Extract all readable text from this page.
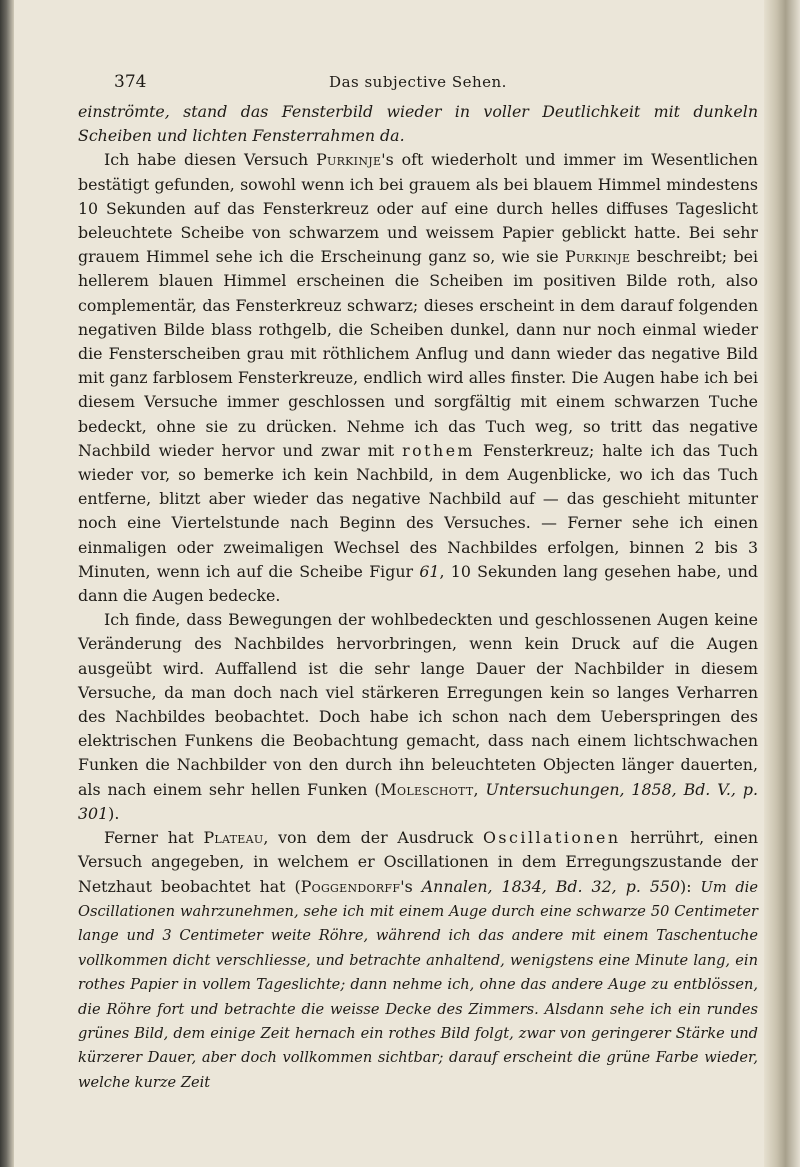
374	Das subjective Sehen.

einströmte, stand das Fensterbild wieder in voller Deutlichkeit mit dunkeln Scheiben und lichten Fensterrahmen da.

Ich habe diesen Versuch Purkinje's oft wiederholt und immer im Wesentlichen bestätigt gefunden, sowohl wenn ich bei grauem als bei blauem Himmel mindestens 10 Sekunden auf das Fensterkreuz oder auf eine durch helles diffuses Tageslicht beleuchtete Scheibe von schwarzem und weissem Papier geblickt hatte. Bei sehr grauem Himmel sehe ich die Erscheinung ganz so, wie sie Purkinje beschreibt; bei hellerem blauen Himmel erscheinen die Scheiben im positiven Bilde roth, also complementär, das Fensterkreuz schwarz; dieses erscheint in dem darauf folgenden negativen Bilde blass rothgelb, die Scheiben dunkel, dann nur noch einmal wieder die Fensterscheiben grau mit röthlichem Anflug und dann wieder das negative Bild mit ganz farblosem Fensterkreuze, endlich wird alles finster. Die Augen habe ich bei diesem Versuche immer geschlossen und sorgfältig mit einem schwarzen Tuche bedeckt, ohne sie zu drücken. Nehme ich das Tuch weg, so tritt das negative Nachbild wieder hervor und zwar mit rothem Fensterkreuz; halte ich das Tuch wieder vor, so bemerke ich kein Nachbild, in dem Augenblicke, wo ich das Tuch entferne, blitzt aber wieder das negative Nachbild auf — das geschieht mitunter noch eine Viertelstunde nach Beginn des Versuches. — Ferner sehe ich einen einmaligen oder zweimaligen Wechsel des Nachbildes erfolgen, binnen 2 bis 3 Minuten, wenn ich auf die Scheibe Figur 61, 10 Sekunden lang gesehen habe, und dann die Augen bedecke.

Ich finde, dass Bewegungen der wohlbedeckten und geschlossenen Augen keine Veränderung des Nachbildes hervorbringen, wenn kein Druck auf die Augen ausgeübt wird. Auffallend ist die sehr lange Dauer der Nachbilder in diesem Versuche, da man doch nach viel stärkeren Erregungen kein so langes Verharren des Nachbildes beobachtet. Doch habe ich schon nach dem Ueberspringen des elektrischen Funkens die Beobachtung gemacht, dass nach einem lichtschwachen Funken die Nachbilder von den durch ihn beleuchteten Objecten länger dauerten, als nach einem sehr hellen Funken (Moleschott, Untersuchungen, 1858, Bd. V., p. 301).

Ferner hat Plateau, von dem der Ausdruck Oscillationen herrührt, einen Versuch angegeben, in welchem er Oscillationen in dem Erregungszustande der Netzhaut beobachtet hat (Poggendorff's Annalen, 1834, Bd. 32, p. 550): Um die Oscillationen wahrzunehmen, sehe ich mit einem Auge durch eine schwarze 50 Centimeter lange und 3 Centimeter weite Röhre, während ich das andere mit einem Taschentuche vollkommen dicht verschliesse, und betrachte anhaltend, wenigstens eine Minute lang, ein rothes Papier in vollem Tageslichte; dann nehme ich, ohne das andere Auge zu entblössen, die Röhre fort und betrachte die weisse Decke des Zimmers. Alsdann sehe ich ein rundes grünes Bild, dem einige Zeit hernach ein rothes Bild folgt, zwar von geringerer Stärke und kürzerer Dauer, aber doch vollkommen sichtbar; darauf erscheint die grüne Farbe wieder, welche kurze Zeit
